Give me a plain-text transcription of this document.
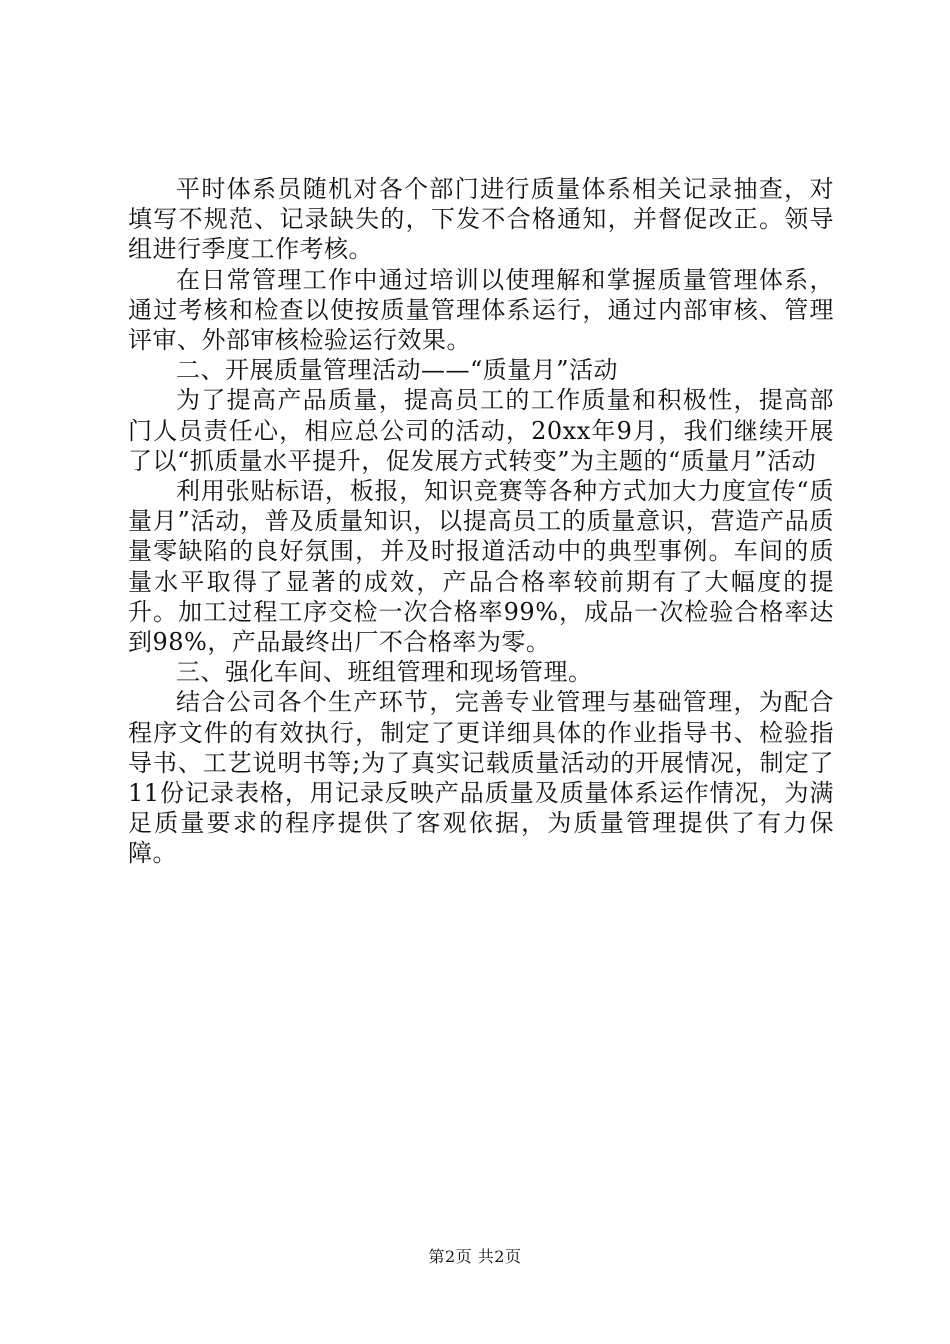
平时体系员随机对各个部门进行质量体系相关记录抽查，对填写不规范、记录缺失的，下发不合格通知，并督促改正。领导组进行季度工作考核。

在日常管理工作中通过培训以使理解和掌握质量管理体系，通过考核和检查以使按质量管理体系运行，通过内部审核、管理评审、外部审核检验运行效果。

二、开展质量管理活动——“质量月”活动

为了提高产品质量，提高员工的工作质量和积极性，提高部门人员责任心，相应总公司的活动，20xx年9月，我们继续开展了以“抓质量水平提升，促发展方式转变”为主题的“质量月”活动

利用张贴标语，板报，知识竞赛等各种方式加大力度宣传“质量月”活动，普及质量知识，以提高员工的质量意识，营造产品质量零缺陷的良好氛围，并及时报道活动中的典型事例。车间的质量水平取得了显著的成效，产品合格率较前期有了大幅度的提升。加工过程工序交检一次合格率99%，成品一次检验合格率达到98%，产品最终出厂不合格率为零。

三、强化车间、班组管理和现场管理。

结合公司各个生产环节，完善专业管理与基础管理，为配合程序文件的有效执行，制定了更详细具体的作业指导书、检验指导书、工艺说明书等;为了真实记载质量活动的开展情况，制定了11份记录表格，用记录反映产品质量及质量体系运作情况，为满足质量要求的程序提供了客观依据，为质量管理提供了有力保障。

第2页 共2页
